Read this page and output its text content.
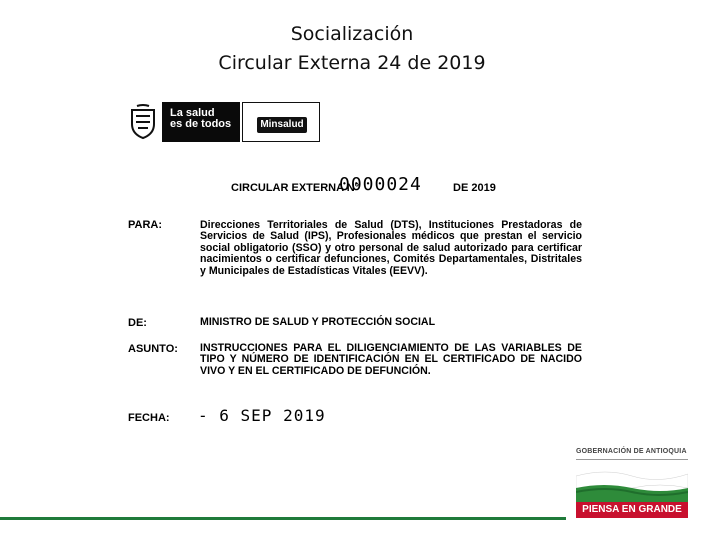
Socialización
Circular Externa 24 de 2019
La salud
es de todos	Minsalud
CIRCULAR EXTERNA N°
0000024	DE 2019
PARA:	Direcciones Territoriales de Salud (DTS), Instituciones Prestadoras de Servicios de Salud (IPS), Profesionales médicos que prestan el servicio social obligatorio (SSO) y otro personal de salud autorizado para certificar nacimientos o certificar defunciones, Comités Departamentales, Distritales y Municipales de Estadísticas Vitales (EEVV).
DE:	MINISTRO DE SALUD Y PROTECCIÓN SOCIAL
ASUNTO: INSTRUCCIONES PARA EL DILIGENCIAMIENTO DE LAS VARIABLES DE TIPO Y NÚMERO DE IDENTIFICACIÓN EN EL CERTIFICADO DE NACIDO VIVO Y EN EL CERTIFICADO DE DEFUNCIÓN.
FECHA: - 6 SEP 2019
GOBERNACIÓN DE ANTIOQUIA
PIENSA EN GRANDE
